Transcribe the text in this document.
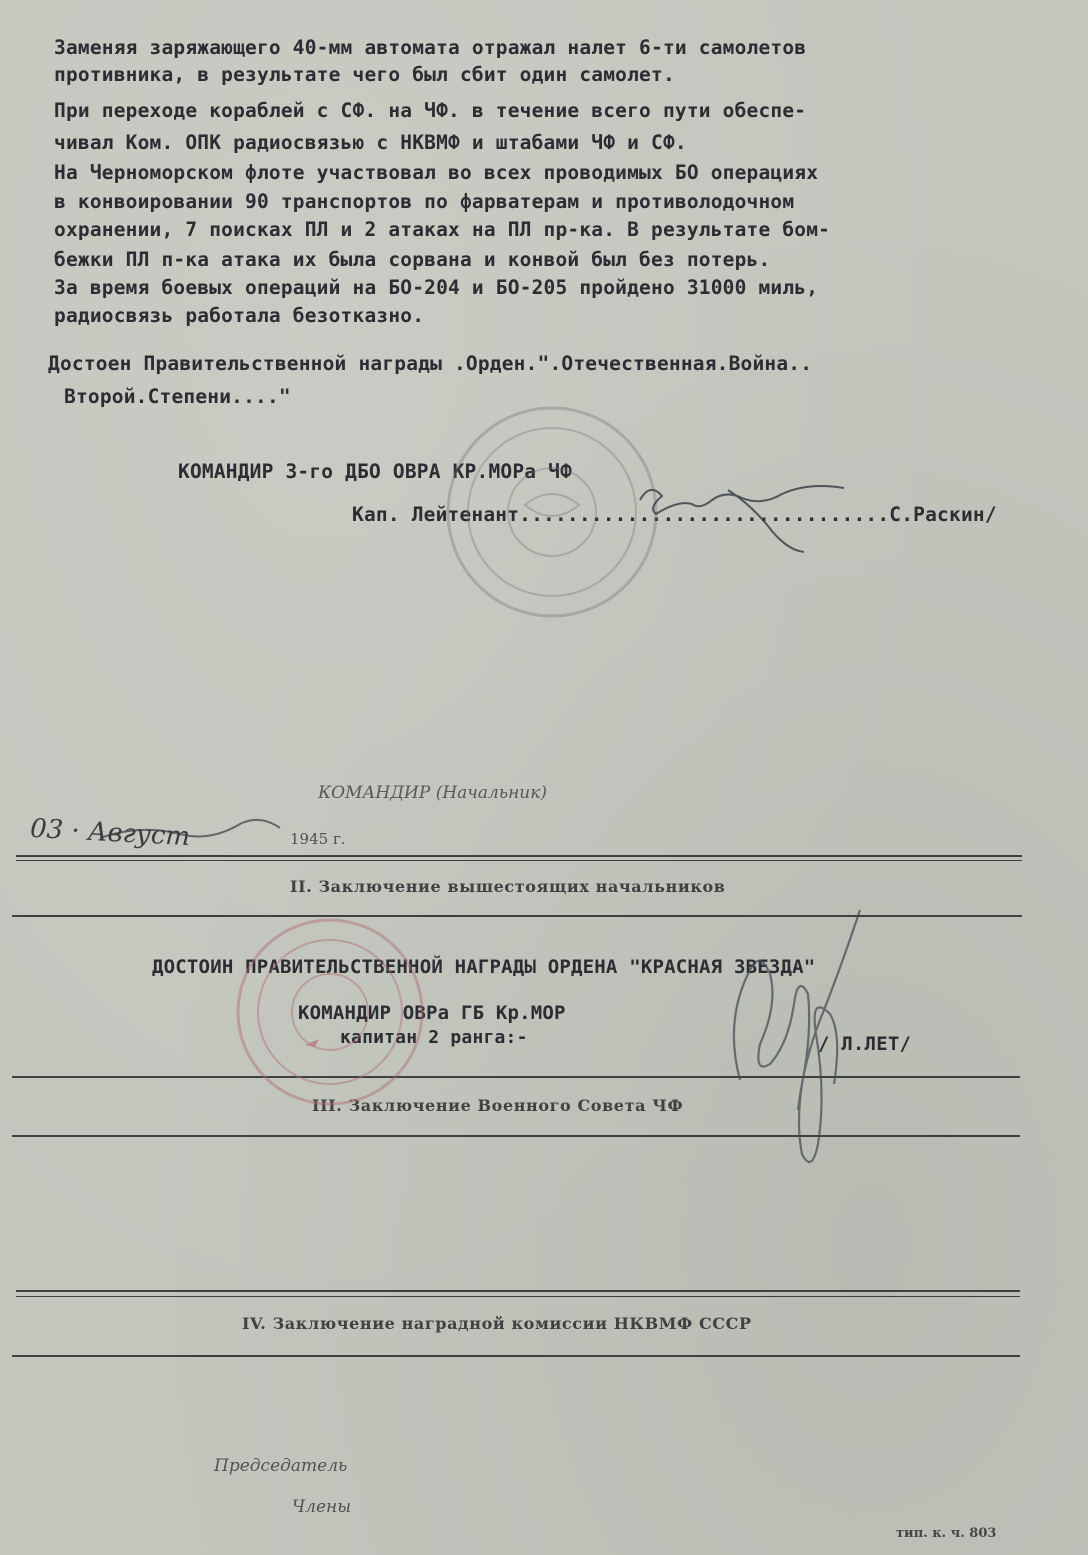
Заменяя заряжающего 40-мм автомата отражал налет 6-ти самолетов
противника, в результате чего был сбит один самолет.
При переходе кораблей с СФ. на ЧФ. в течение всего пути обеспе-
чивал Ком. ОПК радиосвязью с НКВМФ и штабами ЧФ и СФ.
На Черноморском флоте участвовал во всех проводимых БО операциях
в конвоировании 90 транспортов по фарватерам и противолодочном
охранении, 7 поисках ПЛ и 2 атаках на ПЛ пр-ка. В результате бом-
бежки ПЛ п-ка атака их была сорвана и конвой был без потерь.
За время боевых операций на БО-204 и БО-205 пройдено 31000 миль,
радиосвязь работала безотказно.
Достоен Правительственной награды .Орден.".Отечественная.Война..
Второй.Степени...."
КОМАНДИР 3-го ДБО ОВРА КР.МОРа ЧФ
Кап. Лейтенант...............................С.Раскин/
КОМАНДИР (Начальник)
03 · Август	1945 г.
II. Заключение вышестоящих начальников
ДОСТОИН ПРАВИТЕЛЬСТВЕННОЙ НАГРАДЫ ОРДЕНА "КРАСНАЯ ЗВЕЗДА"
КОМАНДИР ОВРа ГБ Кр.МОР
капитан 2 ранга:-	/ Л.ЛЕТ/
III. Заключение Военного Совета ЧФ
IV. Заключение наградной комиссии НКВМФ СССР
Председатель
Члены
тип. к. ч. 803
